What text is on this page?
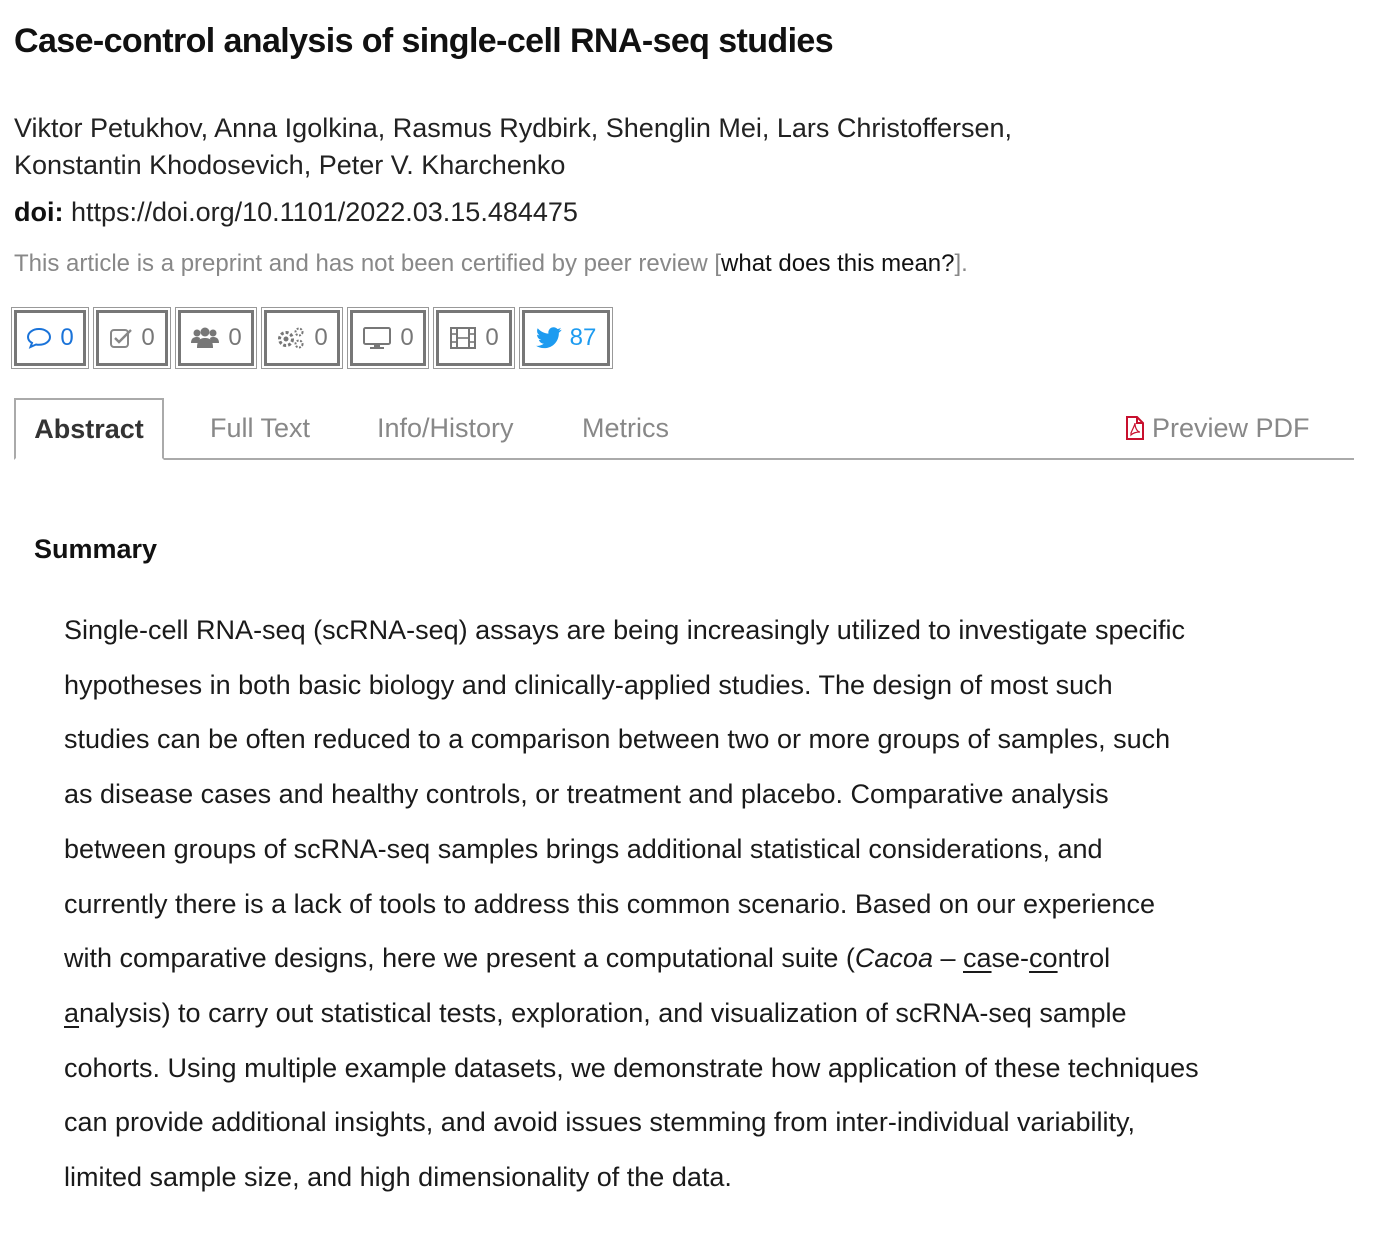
Case-control analysis of single-cell RNA-seq studies
Viktor Petukhov, Anna Igolkina, Rasmus Rydbirk, Shenglin Mei, Lars Christoffersen,
Konstantin Khodosevich, Peter V. Kharchenko
doi: https://doi.org/10.1101/2022.03.15.484475
This article is a preprint and has not been certified by peer review [what does this mean?].
0	0	0	0	0	0	87
Abstract	Full Text Info/History	Metrics	Preview PDF
Summary
Single-cell RNA-seq (scRNA-seq) assays are being increasingly utilized to investigate specific
hypotheses in both basic biology and clinically-applied studies. The design of most such
studies can be often reduced to a comparison between two or more groups of samples, such
as disease cases and healthy controls, or treatment and placebo. Comparative analysis
between groups of scRNA-seq samples brings additional statistical considerations, and
currently there is a lack of tools to address this common scenario. Based on our experience
with comparative designs, here we present a computational suite (Cacoa – case-control
analysis) to carry out statistical tests, exploration, and visualization of scRNA-seq sample
cohorts. Using multiple example datasets, we demonstrate how application of these techniques
can provide additional insights, and avoid issues stemming from inter-individual variability,
limited sample size, and high dimensionality of the data.
